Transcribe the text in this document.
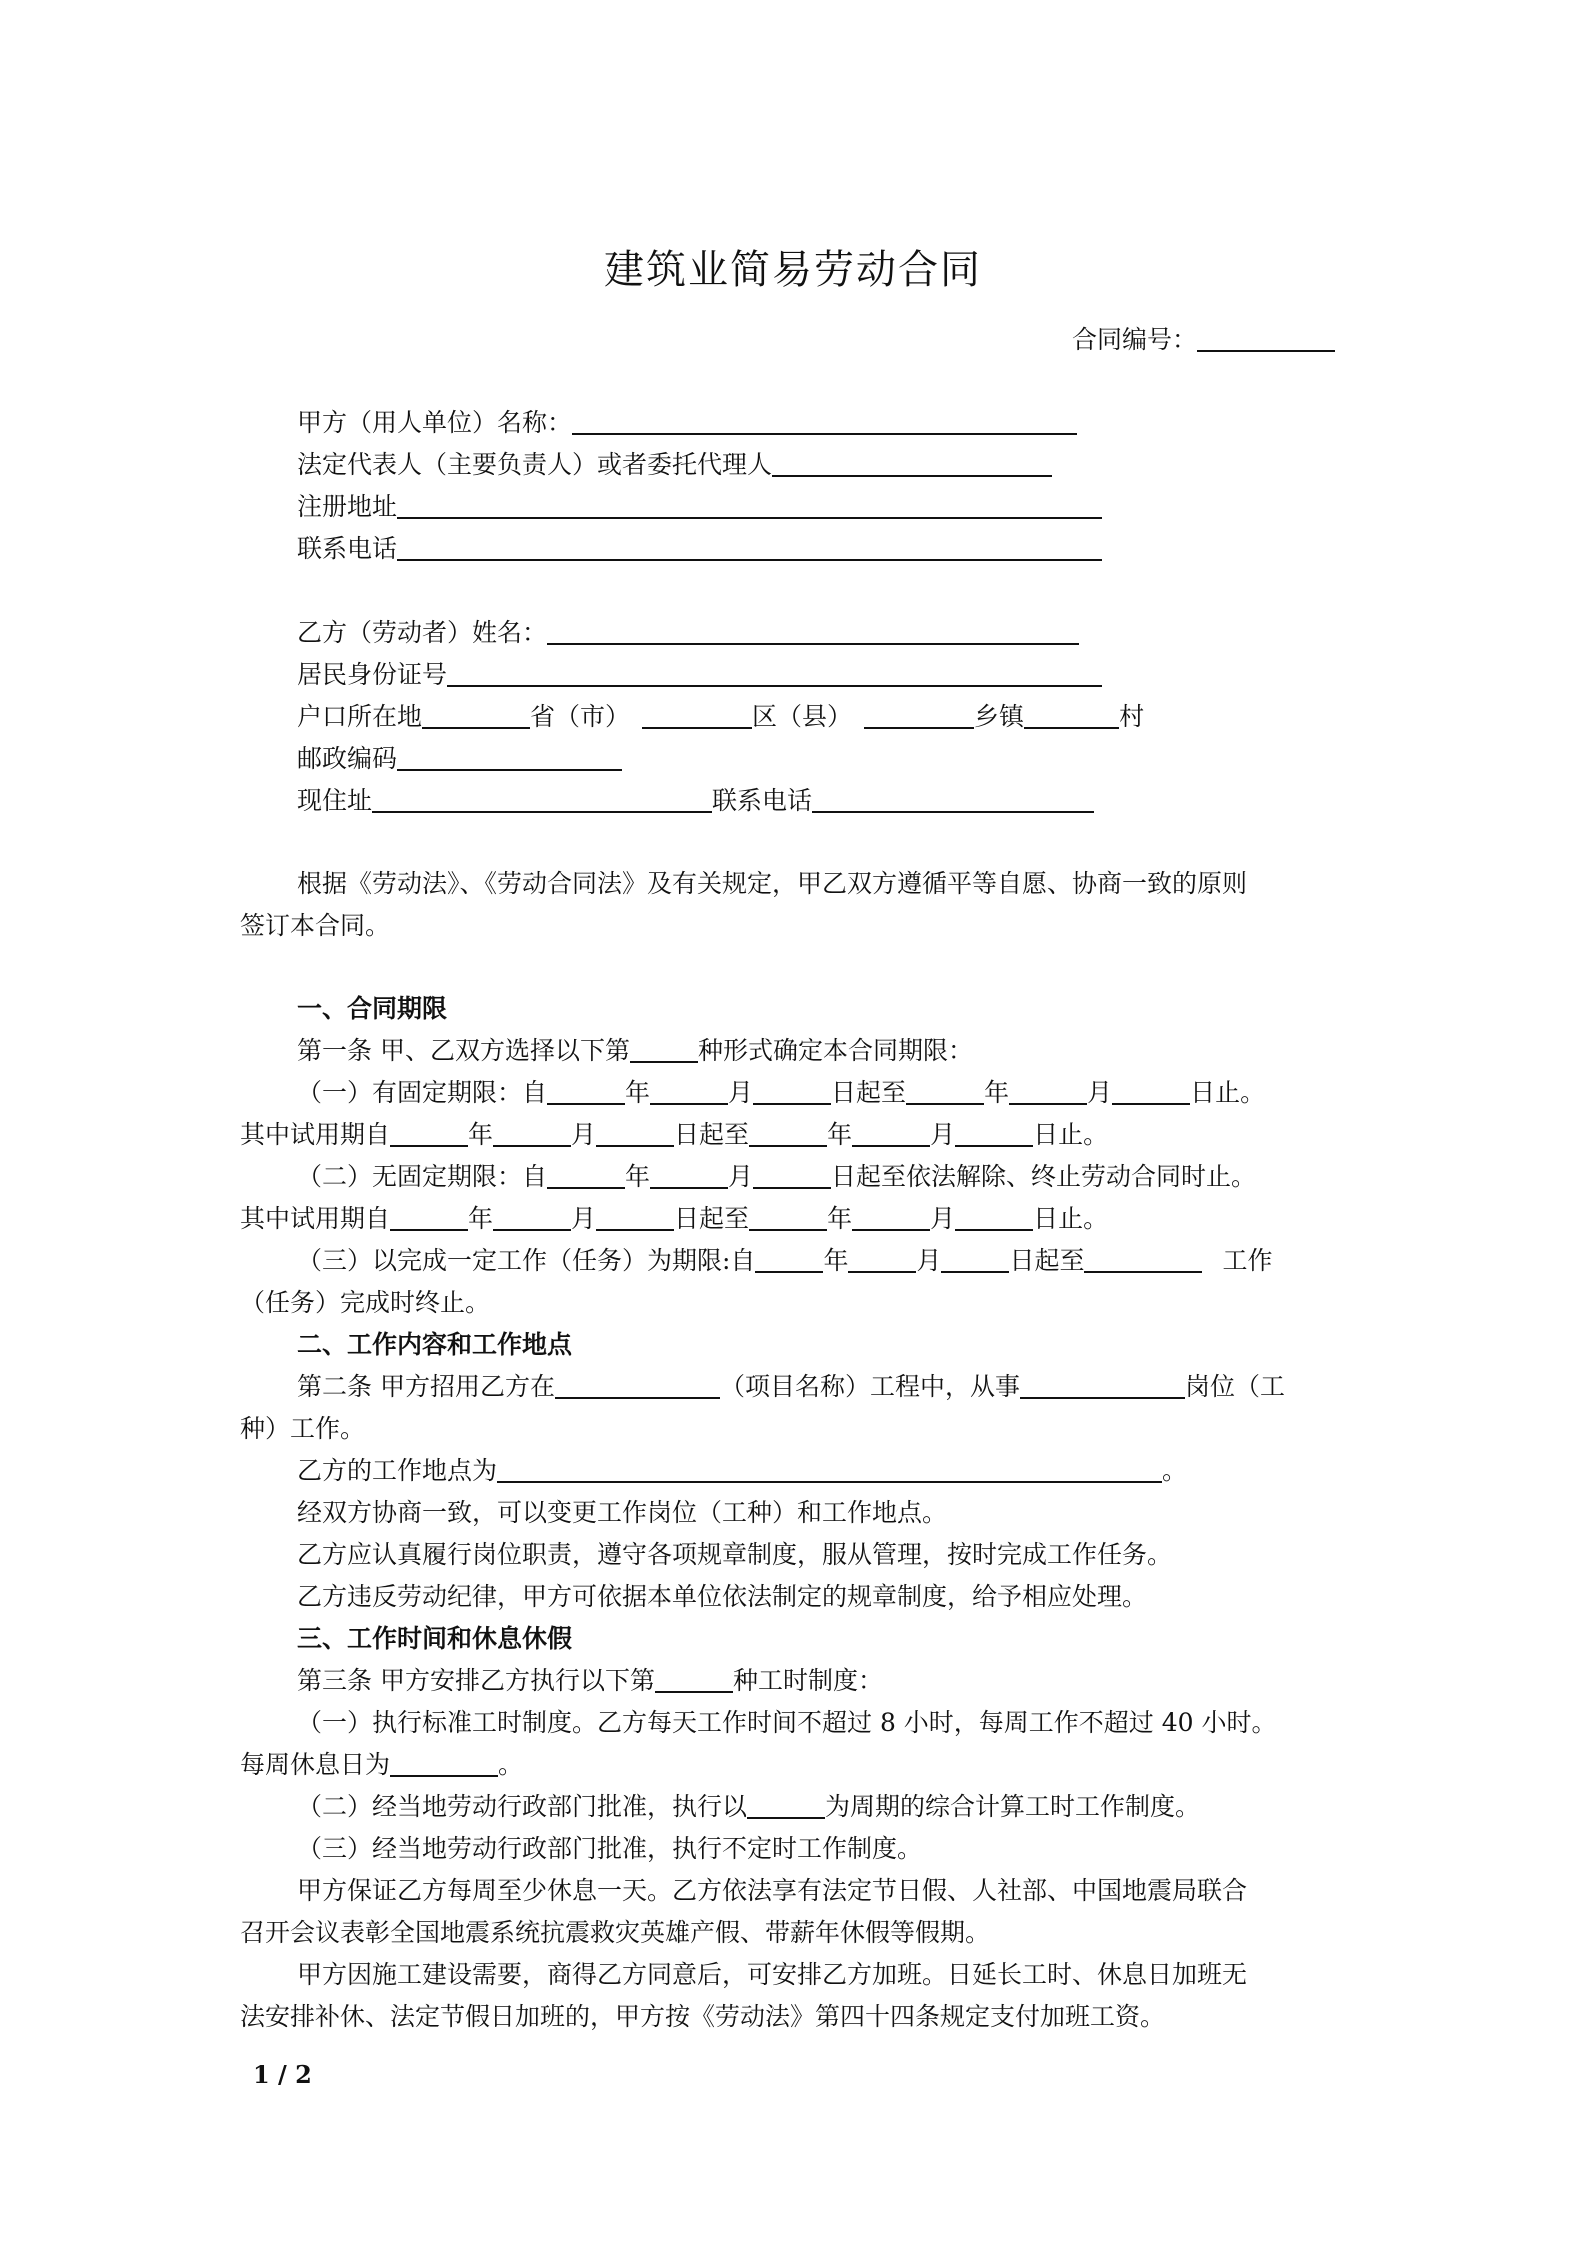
建筑业简易劳动合同
合同编号：
甲方（用人单位）名称：
法定代表人（主要负责人）或者委托代理人
注册地址
联系电话
乙方（劳动者）姓名：
居民身份证号
户口所在地	省（市）	区（县）	乡镇	村
邮政编码
现住址	联系电话
根据《劳动法》、《劳动合同法》及有关规定，甲乙双方遵循平等自愿、协商一致的原则
签订本合同。
一、合同期限
第一条 甲、乙双方选择以下第	种形式确定本合同期限：
（一）有固定期限：自	年	月	日起至	年	月	日止。
其中试用期自	年	月	日起至	年	月	日止。
（二）无固定期限：自	年	月	日起至依法解除、终止劳动合同时止。
其中试用期自	年	月	日起至	年	月	日止。
（三）以完成一定工作（任务）为期限:自	年	月	日起至	工作
（任务）完成时终止。
二、工作内容和工作地点
第二条 甲方招用乙方在	（项目名称）工程中，从事	岗位（工
种）工作。
乙方的工作地点为	。
经双方协商一致，可以变更工作岗位（工种）和工作地点。
乙方应认真履行岗位职责，遵守各项规章制度，服从管理，按时完成工作任务。
乙方违反劳动纪律，甲方可依据本单位依法制定的规章制度，给予相应处理。
三、工作时间和休息休假
第三条 甲方安排乙方执行以下第	种工时制度：
（一）执行标准工时制度。乙方每天工作时间不超过 8 小时，每周工作不超过 40 小时。
每周休息日为	。
（二）经当地劳动行政部门批准，执行以	为周期的综合计算工时工作制度。
（三）经当地劳动行政部门批准，执行不定时工作制度。
甲方保证乙方每周至少休息一天。乙方依法享有法定节日假、人社部、中国地震局联合
召开会议表彰全国地震系统抗震救灾英雄产假、带薪年休假等假期。
甲方因施工建设需要，商得乙方同意后，可安排乙方加班。日延长工时、休息日加班无
法安排补休、法定节假日加班的，甲方按《劳动法》第四十四条规定支付加班工资。
1 / 2
